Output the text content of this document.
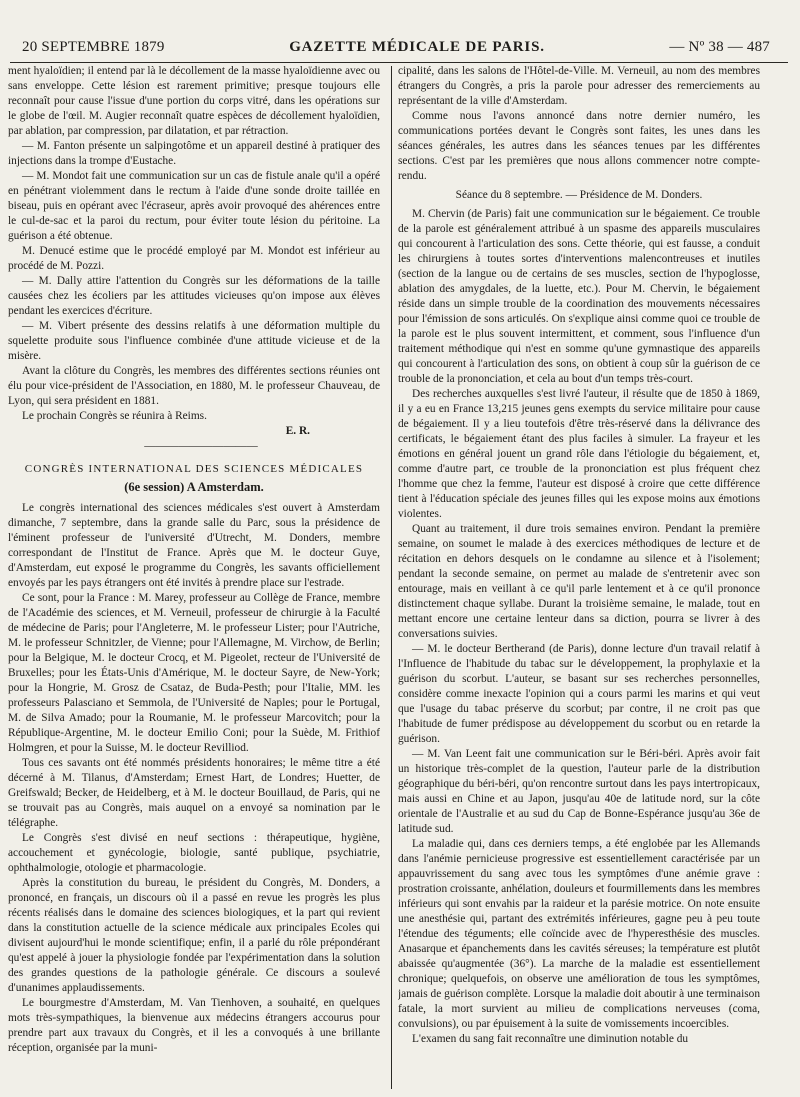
20 SEPTEMBRE 1879	GAZETTE MÉDICALE DE PARIS.	— Nº 38 — 487

ment hyaloïdien; il entend par là le décollement de la masse hyaloïdienne avec ou sans enveloppe. Cette lésion est rarement primitive; presque toujours elle reconnaît pour cause l'issue d'une portion du corps vitré, dans les opérations sur le globe de l'œil. M. Augier reconnaît quatre espèces de décollement hyaloïdien, par ablation, par compression, par dilatation, et par rétraction.

— M. Fanton présente un salpingotôme et un appareil destiné à pratiquer des injections dans la trompe d'Eustache.

— M. Mondot fait une communication sur un cas de fistule anale qu'il a opéré en pénétrant violemment dans le rectum à l'aide d'une sonde droite taillée en biseau, puis en opérant avec l'écraseur, après avoir provoqué des ahérences entre le cul-de-sac et la paroi du rectum, pour éviter toute lésion du péritoine. La guérison a été obtenue.

M. Denucé estime que le procédé employé par M. Mondot est inférieur au procédé de M. Pozzi.

— M. Dally attire l'attention du Congrès sur les déformations de la taille causées chez les écoliers par les attitudes vicieuses qu'on impose aux élèves pendant les exercices d'écriture.

— M. Vibert présente des dessins relatifs à une déformation multiple du squelette produite sous l'influence combinée d'une attitude vicieuse et de la misère.

Avant la clôture du Congrès, les membres des différentes sections réunies ont élu pour vice-président de l'Association, en 1880, M. le professeur Chauveau, de Lyon, qui sera président en 1881.

Le prochain Congrès se réunira à Reims.

E. R.

——————————

CONGRÈS INTERNATIONAL DES SCIENCES MÉDICALES

(6e session) A Amsterdam.

Le congrès international des sciences médicales s'est ouvert à Amsterdam dimanche, 7 septembre, dans la grande salle du Parc, sous la présidence de l'éminent professeur de l'université d'Utrecht, M. Donders, membre correspondant de l'Institut de France. Après que M. le docteur Guye, d'Amsterdam, eut exposé le programme du Congrès, les savants officiellement envoyés par les pays étrangers ont été invités à prendre place sur l'estrade.

Ce sont, pour la France : M. Marey, professeur au Collège de France, membre de l'Académie des sciences, et M. Verneuil, professeur de chirurgie à la Faculté de médecine de Paris; pour l'Angleterre, M. le professeur Lister; pour l'Autriche, M. le professeur Schnitzler, de Vienne; pour l'Allemagne, M. Virchow, de Berlin; pour la Belgique, M. le docteur Crocq, et M. Pigeolet, recteur de l'Université de Bruxelles; pour les États-Unis d'Amérique, M. le docteur Sayre, de New-York; pour la Hongrie, M. Grosz de Csataz, de Buda-Pesth; pour l'Italie, MM. les professeurs Palasciano et Semmola, de l'Université de Naples; pour le Portugal, M. de Silva Amado; pour la Roumanie, M. le professeur Marcovitch; pour la République-Argentine, M. le docteur Emilio Coni; pour la Suède, M. Frithiof Holmgren, et pour la Suisse, M. le docteur Revilliod.

Tous ces savants ont été nommés présidents honoraires; le même titre a été décerné à M. Tilanus, d'Amsterdam; Ernest Hart, de Londres; Huetter, de Greifswald; Becker, de Heidelberg, et à M. le docteur Bouillaud, de Paris, qui ne se trouvait pas au Congrès, mais auquel on a envoyé sa nomination par le télégraphe.

Le Congrès s'est divisé en neuf sections : thérapeutique, hygiène, accouchement et gynécologie, biologie, santé publique, psychiatrie, ophthalmologie, otologie et pharmacologie.

Après la constitution du bureau, le président du Congrès, M. Donders, a prononcé, en français, un discours où il a passé en revue les progrès les plus récents réalisés dans le domaine des sciences biologiques, et la part qui revient dans la constitution actuelle de la science médicale aux principales Ecoles qui divisent aujourd'hui le monde scientifique; enfin, il a parlé du rôle prépondérant qu'est appelé à jouer la physiologie fondée par l'expérimentation dans la solution des grandes questions de la pathologie générale. Ce discours a soulevé d'unanimes applaudissements.

Le bourgmestre d'Amsterdam, M. Van Tienhoven, a souhaité, en quelques mots très-sympathiques, la bienvenue aux médecins étrangers accourus pour prendre part aux travaux du Congrès, et il les a convoqués à une brillante réception, organisée par la muni-

cipalité, dans les salons de l'Hôtel-de-Ville. M. Verneuil, au nom des membres étrangers du Congrès, a pris la parole pour adresser des remerciements au représentant de la ville d'Amsterdam.

Comme nous l'avons annoncé dans notre dernier numéro, les communications portées devant le Congrès sont faites, les unes dans les séances générales, les autres dans les séances tenues par les différentes sections. C'est par les premières que nous allons commencer notre compte-rendu.

Séance du 8 septembre. — Présidence de M. Donders.

M. Chervin (de Paris) fait une communication sur le bégaiement. Ce trouble de la parole est généralement attribué à un spasme des appareils musculaires qui concourent à l'articulation des sons. Cette théorie, qui est fausse, a conduit les chirurgiens à toutes sortes d'interventions malencontreuses et inutiles (section de la langue ou de certains de ses muscles, section de l'hypoglosse, ablation des amygdales, de la luette, etc.). Pour M. Chervin, le bégaiement réside dans un simple trouble de la coordination des mouvements nécessaires pour l'émission de sons articulés. On s'explique ainsi comme quoi ce trouble de la parole est le plus souvent intermittent, et comment, sous l'influence d'un traitement méthodique qui n'est en somme qu'une gymnastique des appareils qui concourent à l'articulation des sons, on obtient à coup sûr la guérison de ce trouble de la prononciation, et cela au bout d'un temps très-court.

Des recherches auxquelles s'est livré l'auteur, il résulte que de 1850 à 1869, il y a eu en France 13,215 jeunes gens exempts du service militaire pour cause de bégaiement. Il y a lieu toutefois d'être très-réservé dans la délivrance des certificats, le bégaiement étant des plus faciles à simuler. La frayeur et les émotions en général jouent un grand rôle dans l'étiologie du bégaiement, et, comme d'autre part, ce trouble de la prononciation est plus fréquent chez l'homme que chez la femme, l'auteur est disposé à croire que cette différence tient à l'éducation spéciale des jeunes filles qui les expose moins aux émotions violentes.

Quant au traitement, il dure trois semaines environ. Pendant la première semaine, on soumet le malade à des exercices méthodiques de lecture et de récitation en dehors desquels on le condamne au silence et à l'isolement; pendant la seconde semaine, on permet au malade de s'entretenir avec son entourage, mais en veillant à ce qu'il parle lentement et à ce qu'il prononce distinctement chaque syllabe. Durant la troisième semaine, le malade, tout en mettant encore une certaine lenteur dans sa diction, pourra se livrer à des conversations suivies.

— M. le docteur Bertherand (de Paris), donne lecture d'un travail relatif à l'Influence de l'habitude du tabac sur le développement, la prophylaxie et la guérison du scorbut. L'auteur, se basant sur ses recherches personnelles, considère comme inexacte l'opinion qui a cours parmi les marins et qui veut que l'usage du tabac préserve du scorbut; par contre, il ne croit pas que l'habitude de fumer prédispose au développement du scorbut ou en retarde la guérison.

— M. Van Leent fait une communication sur le Béri-béri. Après avoir fait un historique très-complet de la question, l'auteur parle de la distribution géographique du béri-béri, qu'on rencontre surtout dans les pays intertropicaux, mais aussi en Chine et au Japon, jusqu'au 40e de latitude nord, sur la côte orientale de l'Australie et au sud du Cap de Bonne-Espérance jusqu'au 36e de latitude sud.

La maladie qui, dans ces derniers temps, a été englobée par les Allemands dans l'anémie pernicieuse progressive est essentiellement caractérisée par un appauvrissement du sang avec tous les symptômes d'une anémie grave : prostration croissante, anhélation, douleurs et fourmillements dans les membres inférieurs qui sont envahis par la raideur et la parésie motrice. On note ensuite une anesthésie qui, partant des extrémités inférieures, gagne peu à peu toute l'étendue des téguments; elle coïncide avec de l'hyperesthésie des muscles. Anasarque et épanchements dans les cavités séreuses; la température est plutôt abaissée qu'augmentée (36°). La marche de la maladie est essentiellement chronique; quelquefois, on observe une amélioration de tous les symptômes, jamais de guérison complète. Lorsque la maladie doit aboutir à une terminaison fatale, la mort survient au milieu de complications nerveuses (coma, convulsions), ou par épuisement à la suite de vomissements incoercibles.

L'examen du sang fait reconnaître une diminution notable du
